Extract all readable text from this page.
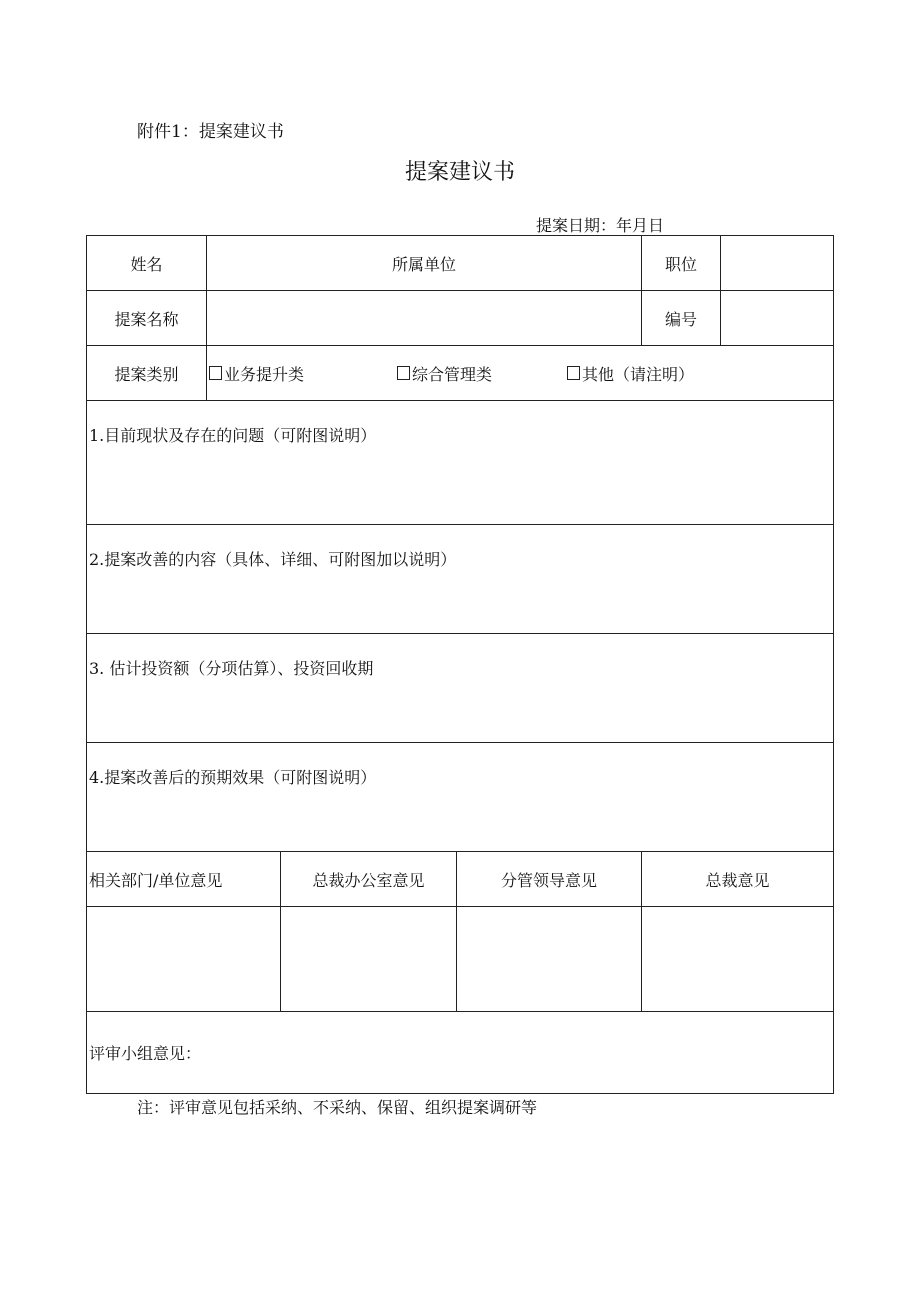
附件1：提案建议书
提案建议书
提案日期：年月日
姓名	所属单位			职位	
提案名称				编号	
提案类别	业务提升类 综合管理类 其他（请注明）				

1.目前现状及存在的问题（可附图说明）					
2.提案改善的内容（具体、详细、可附图加以说明）					
3. 估计投资额（分项估算）、投资回收期					
4.提案改善后的预期效果（可附图说明）					
相关部门/单位意见		总裁办公室意见	分管领导意见	总裁意见	

评审小组意见：					
注：评审意见包括采纳、不采纳、保留、组织提案调研等
